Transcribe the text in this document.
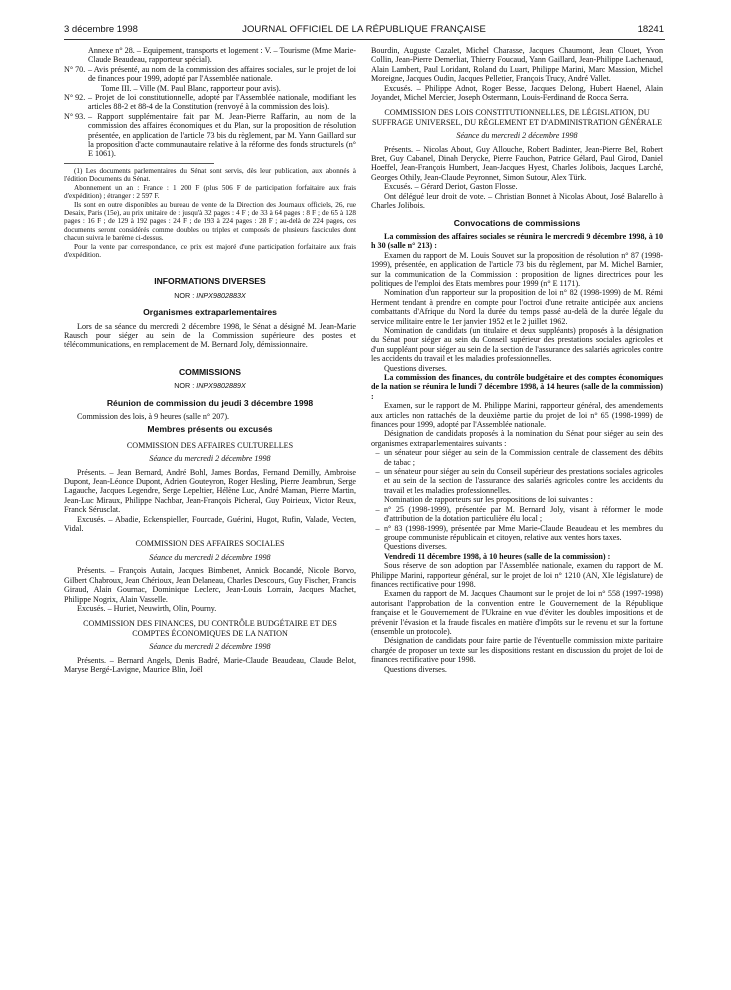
3 décembre 1998	JOURNAL OFFICIEL DE LA RÉPUBLIQUE FRANÇAISE	18241

Annexe n° 28. – Equipement, transports et logement : V. – Tourisme (Mme Marie-Claude Beaudeau, rapporteur spécial).

N° 70. – Avis présenté, au nom de la commission des affaires sociales, sur le projet de loi de finances pour 1999, adopté par l'Assemblée nationale.

Tome III. – Ville (M. Paul Blanc, rapporteur pour avis).

N° 92. – Projet de loi constitutionnelle, adopté par l'Assemblée nationale, modifiant les articles 88-2 et 88-4 de la Constitution (renvoyé à la commission des lois).

N° 93. – Rapport supplémentaire fait par M. Jean-Pierre Raffarin, au nom de la commission des affaires économiques et du Plan, sur la proposition de résolution présentée, en application de l'article 73 bis du règlement, par M. Yann Gaillard sur la proposition d'acte communautaire relative à la réforme des fonds structurels (n° E 1061).

(1) Les documents parlementaires du Sénat sont servis, dès leur publication, aux abonnés à l'édition Documents du Sénat.

Abonnement un an : France : 1 200 F (plus 506 F de participation forfaitaire aux frais d'expédition) ; étranger : 2 597 F.

Ils sont en outre disponibles au bureau de vente de la Direction des Journaux officiels, 26, rue Desaix, Paris (15e), au prix unitaire de : jusqu'à 32 pages : 4 F ; de 33 à 64 pages : 8 F ; de 65 à 128 pages : 16 F ; de 129 à 192 pages : 24 F ; de 193 à 224 pages : 28 F ; au-delà de 224 pages, ces documents seront considérés comme doubles ou triples et composés de plusieurs fascicules dont chacun suivra le barème ci-dessus.

Pour la vente par correspondance, ce prix est majoré d'une participation forfaitaire aux frais d'expédition.

INFORMATIONS DIVERSES

NOR : INPX9802883X

Organismes extraparlementaires

Lors de sa séance du mercredi 2 décembre 1998, le Sénat a désigné M. Jean-Marie Rausch pour siéger au sein de la Commission supérieure des postes et télécommunications, en remplacement de M. Bernard Joly, démissionnaire.

COMMISSIONS

NOR : INPX9802889X

Réunion de commission du jeudi 3 décembre 1998

Commission des lois, à 9 heures (salle n° 207).

Membres présents ou excusés

COMMISSION DES AFFAIRES CULTURELLES

Séance du mercredi 2 décembre 1998

Présents. – Jean Bernard, André Bohl, James Bordas, Fernand Demilly, Ambroise Dupont, Jean-Léonce Dupont, Adrien Gouteyron, Roger Hesling, Pierre Jeambrun, Serge Lagauche, Jacques Legendre, Serge Lepeltier, Hélène Luc, André Maman, Pierre Martin, Jean-Luc Miraux, Philippe Nachbar, Jean-François Picheral, Guy Poirieux, Victor Reux, Franck Sérusclat.

Excusés. – Abadie, Eckenspieller, Fourcade, Guérini, Hugot, Rufin, Valade, Vecten, Vidal.

COMMISSION DES AFFAIRES SOCIALES

Séance du mercredi 2 décembre 1998

Présents. – François Autain, Jacques Bimbenet, Annick Bocandé, Nicole Borvo, Gilbert Chabroux, Jean Chérioux, Jean Delaneau, Charles Descours, Guy Fischer, Francis Giraud, Alain Gournac, Dominique Leclerc, Jean-Louis Lorrain, Jacques Machet, Philippe Nogrix, Alain Vasselle.

Excusés. – Huriet, Neuwirth, Olin, Pourny.

COMMISSION DES FINANCES, DU CONTRÔLE BUDGÉTAIRE ET DES COMPTES ÉCONOMIQUES DE LA NATION

Séance du mercredi 2 décembre 1998

Présents. – Bernard Angels, Denis Badré, Marie-Claude Beaudeau, Claude Belot, Maryse Bergé-Lavigne, Maurice Blin, Joël

Bourdin, Auguste Cazalet, Michel Charasse, Jacques Chaumont, Jean Clouet, Yvon Collin, Jean-Pierre Demerliat, Thierry Foucaud, Yann Gaillard, Jean-Philippe Lachenaud, Alain Lambert, Paul Loridant, Roland du Luart, Philippe Marini, Marc Massion, Michel Moreigne, Jacques Oudin, Jacques Pelletier, François Trucy, André Vallet.

Excusés. – Philippe Adnot, Roger Besse, Jacques Delong, Hubert Haenel, Alain Joyandet, Michel Mercier, Joseph Ostermann, Louis-Ferdinand de Rocca Serra.

COMMISSION DES LOIS CONSTITUTIONNELLES, DE LÉGISLATION, DU SUFFRAGE UNIVERSEL, DU RÈGLEMENT ET D'ADMINISTRATION GÉNÉRALE

Séance du mercredi 2 décembre 1998

Présents. – Nicolas About, Guy Allouche, Robert Badinter, Jean-Pierre Bel, Robert Bret, Guy Cabanel, Dinah Derycke, Pierre Fauchon, Patrice Gélard, Paul Girod, Daniel Hoeffel, Jean-François Humbert, Jean-Jacques Hyest, Charles Jolibois, Jacques Larché, Georges Othily, Jean-Claude Peyronnet, Simon Sutour, Alex Türk.

Excusés. – Gérard Deriot, Gaston Flosse.

Ont délégué leur droit de vote. – Christian Bonnet à Nicolas About, José Balarello à Charles Jolibois.

Convocations de commissions

La commission des affaires sociales se réunira le mercredi 9 décembre 1998, à 10 h 30 (salle n° 213) :

Examen du rapport de M. Louis Souvet sur la proposition de résolution n° 87 (1998-1999), présentée, en application de l'article 73 bis du règlement, par M. Michel Barnier, sur la communication de la Commission : proposition de lignes directrices pour les politiques de l'emploi des Etats membres pour 1999 (n° E 1171).

Nomination d'un rapporteur sur la proposition de loi n° 82 (1998-1999) de M. Rémi Herment tendant à prendre en compte pour l'octroi d'une retraite anticipée aux anciens combattants d'Afrique du Nord la durée du temps passé au-delà de la durée légale du service militaire entre le 1er janvier 1952 et le 2 juillet 1962.

Nomination de candidats (un titulaire et deux suppléants) proposés à la désignation du Sénat pour siéger au sein du Conseil supérieur des prestations sociales agricoles et d'un suppléant pour siéger au sein de la section de l'assurance des salariés agricoles contre les accidents du travail et les maladies professionnelles.

Questions diverses.

La commission des finances, du contrôle budgétaire et des comptes économiques de la nation se réunira le lundi 7 décembre 1998, à 14 heures (salle de la commission) :

Examen, sur le rapport de M. Philippe Marini, rapporteur général, des amendements aux articles non rattachés de la deuxième partie du projet de loi n° 65 (1998-1999) de finances pour 1999, adopté par l'Assemblée nationale.

Désignation de candidats proposés à la nomination du Sénat pour siéger au sein des organismes extraparlementaires suivants :

– un sénateur pour siéger au sein de la Commission centrale de classement des débits de tabac ;

– un sénateur pour siéger au sein du Conseil supérieur des prestations sociales agricoles et au sein de la section de l'assurance des salariés agricoles contre les accidents du travail et les maladies professionnelles.

Nomination de rapporteurs sur les propositions de loi suivantes :

– n° 25 (1998-1999), présentée par M. Bernard Joly, visant à réformer le mode d'attribution de la dotation particulière élu local ;

– n° 83 (1998-1999), présentée par Mme Marie-Claude Beaudeau et les membres du groupe communiste républicain et citoyen, relative aux ventes hors taxes.

Questions diverses.

Vendredi 11 décembre 1998, à 10 heures (salle de la commission) :

Sous réserve de son adoption par l'Assemblée nationale, examen du rapport de M. Philippe Marini, rapporteur général, sur le projet de loi n° 1210 (AN, XIe législature) de finances rectificative pour 1998.

Examen du rapport de M. Jacques Chaumont sur le projet de loi n° 558 (1997-1998) autorisant l'approbation de la convention entre le Gouvernement de la République française et le Gouvernement de l'Ukraine en vue d'éviter les doubles impositions et de prévenir l'évasion et la fraude fiscales en matière d'impôts sur le revenu et sur la fortune (ensemble un protocole).

Désignation de candidats pour faire partie de l'éventuelle commission mixte paritaire chargée de proposer un texte sur les dispositions restant en discussion du projet de loi de finances rectificative pour 1998.

Questions diverses.
